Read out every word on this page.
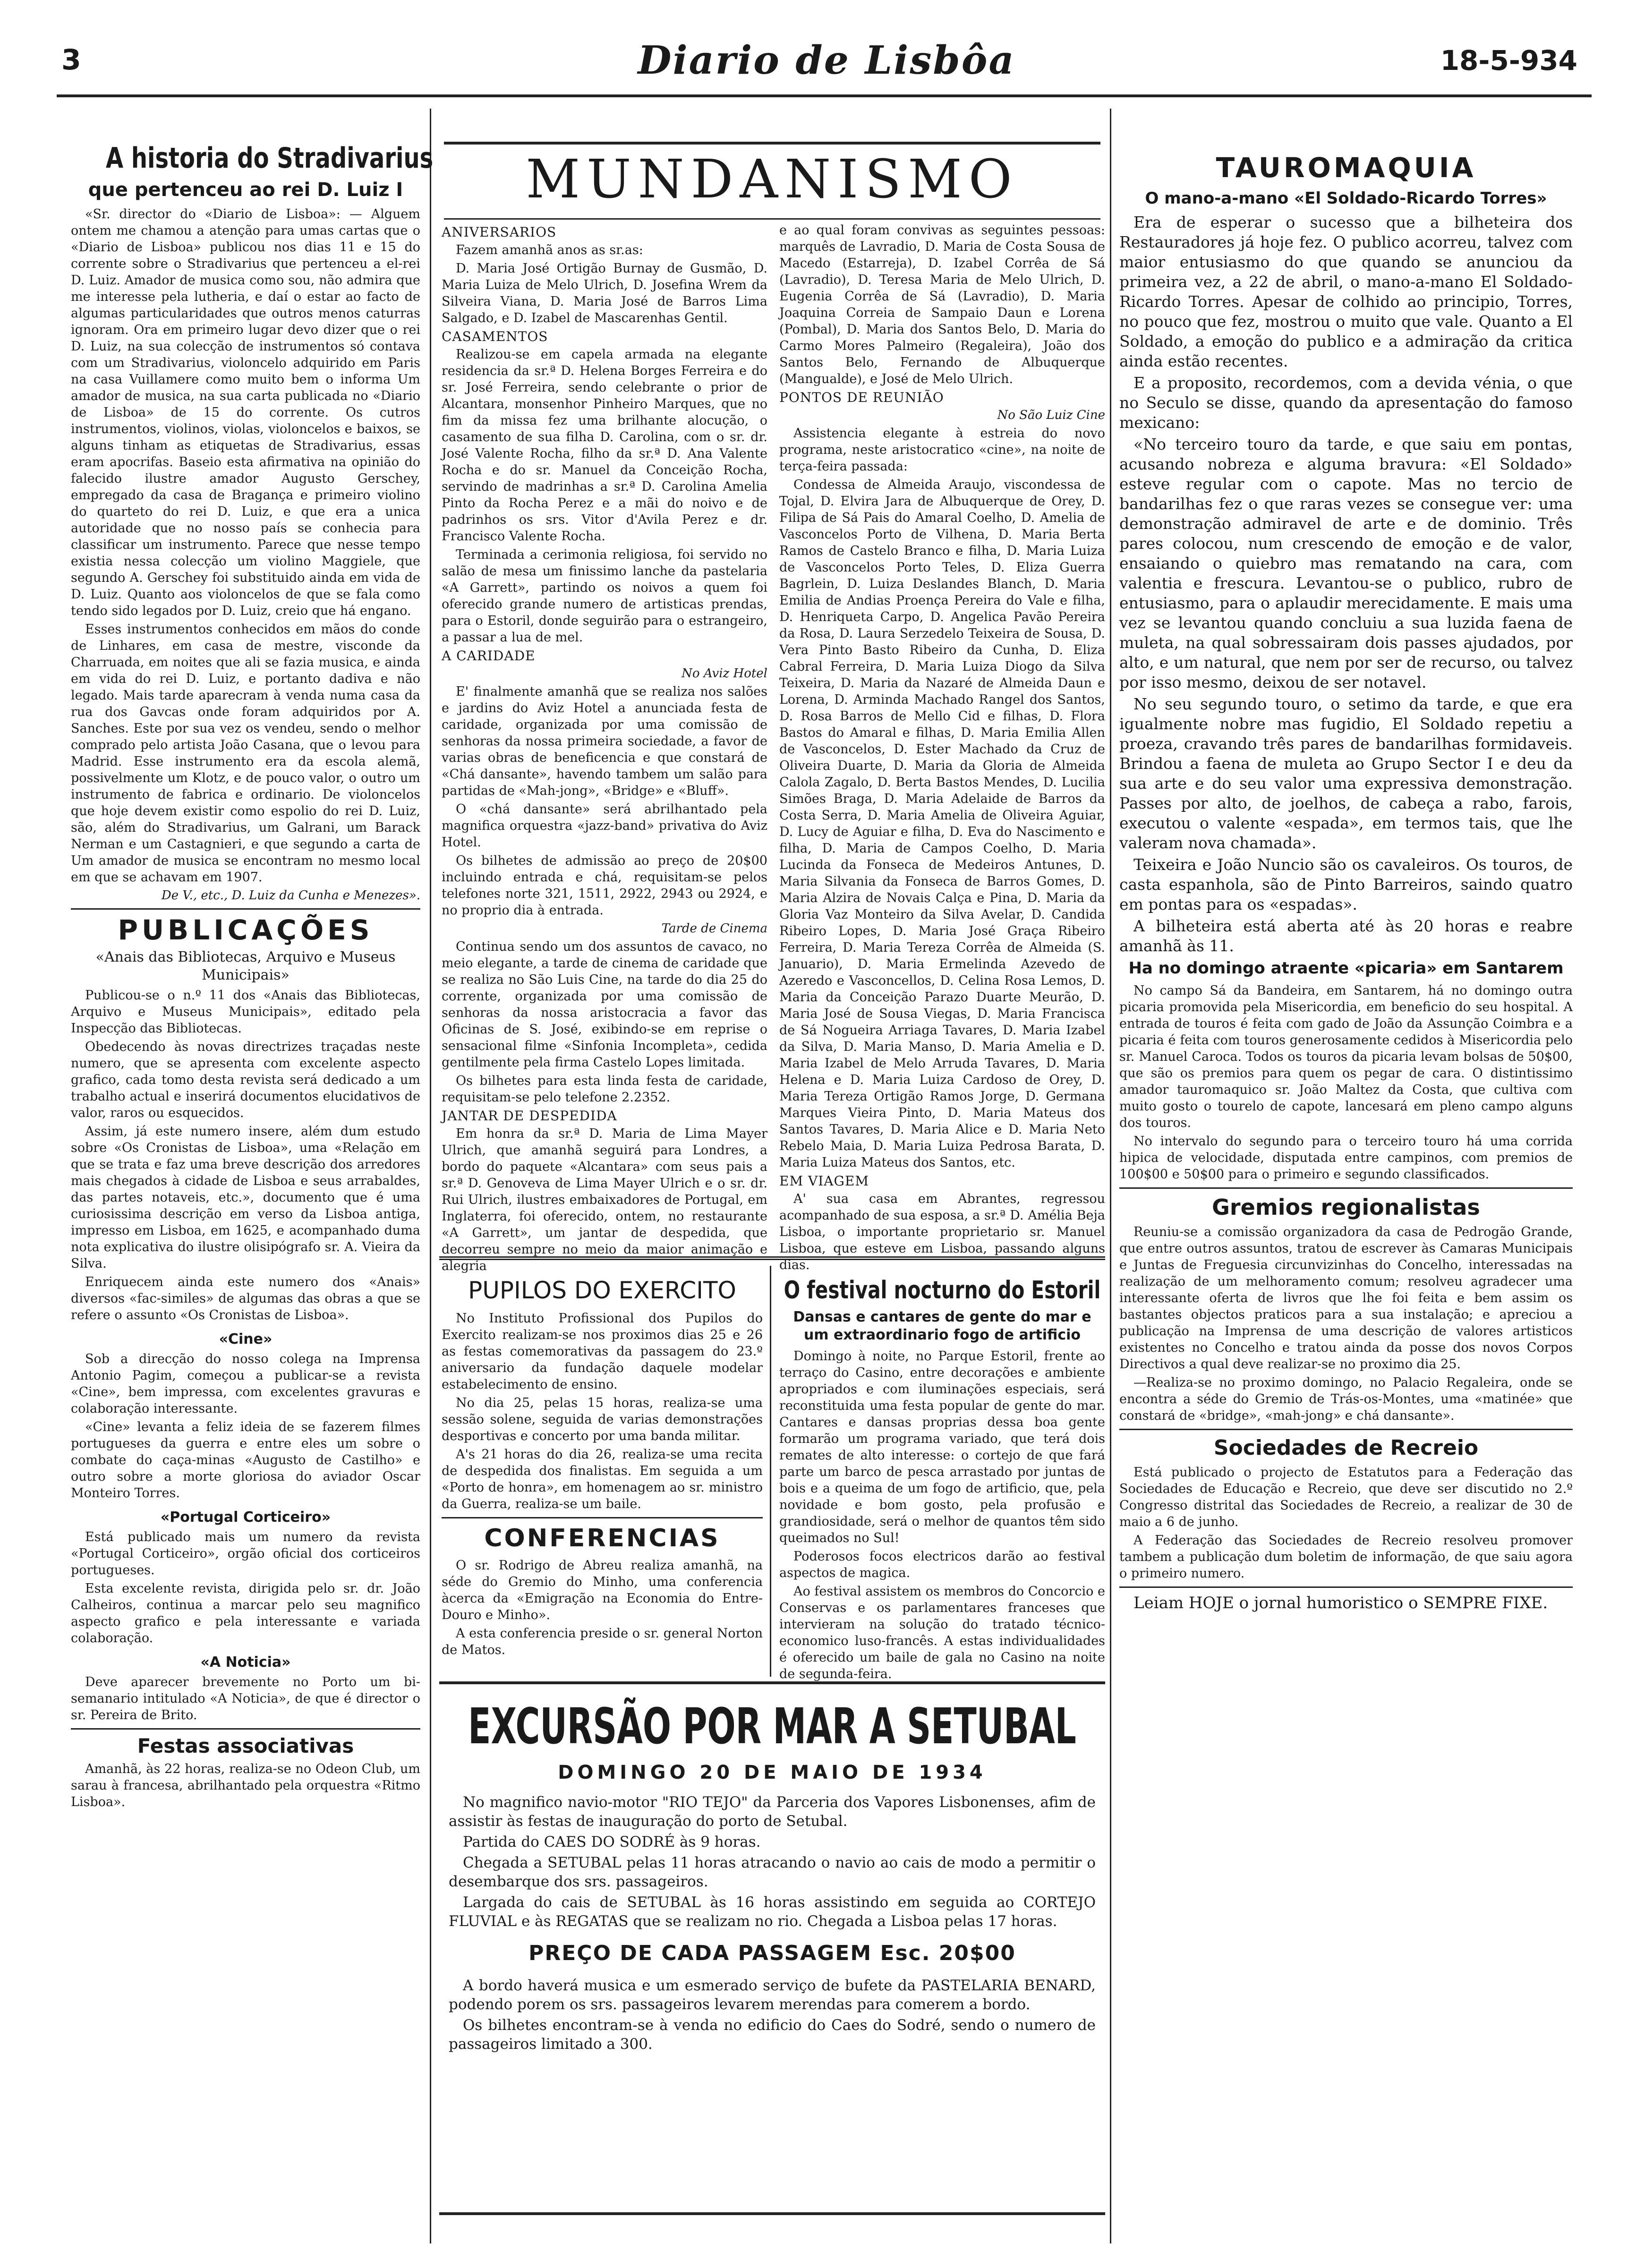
3	Diario de Lisbôa	18-5-934
A historia do Stradivarius
que pertenceu ao rei D. Luiz I

«Sr. director do «Diario de Lisboa»: — Alguem ontem me chamou a atenção para umas cartas que o «Diario de Lisboa» publicou nos dias 11 e 15 do corrente sobre o Stradivarius que pertenceu a el-rei D. Luiz. Amador de musica como sou, não admira que me interesse pela lutheria, e daí o estar ao facto de algumas particularidades que outros menos caturras ignoram. Ora em primeiro lugar devo dizer que o rei D. Luiz, na sua colecção de instrumentos só contava com um Stradivarius, violoncelo adquirido em Paris na casa Vuillamere como muito bem o informa Um amador de musica, na sua carta publicada no «Diario de Lisboa» de 15 do corrente. Os cutros instrumentos, violinos, violas, violoncelos e baixos, se alguns tinham as etiquetas de Stradivarius, essas eram apocrifas. Baseio esta afirmativa na opinião do falecido ilustre amador Augusto Gerschey, empregado da casa de Bragança e primeiro violino do quarteto do rei D. Luiz, e que era a unica autoridade que no nosso país se conhecia para classificar um instrumento. Parece que nesse tempo existia nessa colecção um violino Maggiele, que segundo A. Gerschey foi substituido ainda em vida de D. Luiz. Quanto aos violoncelos de que se fala como tendo sido legados por D. Luiz, creio que há engano.

Esses instrumentos conhecidos em mãos do conde de Linhares, em casa de mestre, visconde da Charruada, em noites que ali se fazia musica, e ainda em vida do rei D. Luiz, e portanto dadiva e não legado. Mais tarde aparecram à venda numa casa da rua dos Gavcas onde foram adquiridos por A. Sanches. Este por sua vez os vendeu, sendo o melhor comprado pelo artista João Casana, que o levou para Madrid. Esse instrumento era da escola alemã, possivelmente um Klotz, e de pouco valor, o outro um instrumento de fabrica e ordinario. De violoncelos que hoje devem existir como espolio do rei D. Luiz, são, além do Stradivarius, um Galrani, um Barack Nerman e um Castagnieri, e que segundo a carta de Um amador de musica se encontram no mesmo local em que se achavam em 1907.

De V., etc., D. Luiz da Cunha e Menezes».

PUBLICAÇÕES
«Anais das Bibliotecas, Arquivo e Museus Municipais»

Publicou-se o n.º 11 dos «Anais das Bibliotecas, Arquivo e Museus Municipais», editado pela Inspecção das Bibliotecas.

Obedecendo às novas directrizes traçadas neste numero, que se apresenta com excelente aspecto grafico, cada tomo desta revista será dedicado a um trabalho actual e inserirá documentos elucidativos de valor, raros ou esquecidos.

Assim, já este numero insere, além dum estudo sobre «Os Cronistas de Lisboa», uma «Relação em que se trata e faz uma breve descrição dos arredores mais chegados à cidade de Lisboa e seus arrabaldes, das partes notaveis, etc.», documento que é uma curiosissima descrição em verso da Lisboa antiga, impresso em Lisboa, em 1625, e acompanhado duma nota explicativa do ilustre olisipógrafo sr. A. Vieira da Silva.

Enriquecem ainda este numero dos «Anais» diversos «fac-similes» de algumas das obras a que se refere o assunto «Os Cronistas de Lisboa».

«Cine»

Sob a direcção do nosso colega na Imprensa Antonio Pagim, começou a publicar-se a revista «Cine», bem impressa, com excelentes gravuras e colaboração interessante.

«Cine» levanta a feliz ideia de se fazerem filmes portugueses da guerra e entre eles um sobre o combate do caça-minas «Augusto de Castilho» e outro sobre a morte gloriosa do aviador Oscar Monteiro Torres.

«Portugal Corticeiro»

Está publicado mais um numero da revista «Portugal Corticeiro», orgão oficial dos corticeiros portugueses.

Esta excelente revista, dirigida pelo sr. dr. João Calheiros, continua a marcar pelo seu magnifico aspecto grafico e pela interessante e variada colaboração.

«A Noticia»

Deve aparecer brevemente no Porto um bi-semanario intitulado «A Noticia», de que é director o sr. Pereira de Brito.

Festas associativas

Amanhã, às 22 horas, realiza-se no Odeon Club, um sarau à francesa, abrilhantado pela orquestra «Ritmo Lisboa».

MUNDANISMO
ANIVERSARIOS

Fazem amanhã anos as sr.as:

D. Maria José Ortigão Burnay de Gusmão, D. Maria Luiza de Melo Ulrich, D. Josefina Wrem da Silveira Viana, D. Maria José de Barros Lima Salgado, e D. Izabel de Mascarenhas Gentil.

CASAMENTOS

Realizou-se em capela armada na elegante residencia da sr.ª D. Helena Borges Ferreira e do sr. José Ferreira, sendo celebrante o prior de Alcantara, monsenhor Pinheiro Marques, que no fim da missa fez uma brilhante alocução, o casamento de sua filha D. Carolina, com o sr. dr. José Valente Rocha, filho da sr.ª D. Ana Valente Rocha e do sr. Manuel da Conceição Rocha, servindo de madrinhas a sr.ª D. Carolina Amelia Pinto da Rocha Perez e a mãi do noivo e de padrinhos os srs. Vitor d'Avila Perez e dr. Francisco Valente Rocha.

Terminada a cerimonia religiosa, foi servido no salão de mesa um finissimo lanche da pastelaria «A Garrett», partindo os noivos a quem foi oferecido grande numero de artisticas prendas, para o Estoril, donde seguirão para o estrangeiro, a passar a lua de mel.

A CARIDADE

No Aviz Hotel

E' finalmente amanhã que se realiza nos salões e jardins do Aviz Hotel a anunciada festa de caridade, organizada por uma comissão de senhoras da nossa primeira sociedade, a favor de varias obras de beneficencia e que constará de «Chá dansante», havendo tambem um salão para partidas de «Mah-jong», «Bridge» e «Bluff».

O «chá dansante» será abrilhantado pela magnifica orquestra «jazz-band» privativa do Aviz Hotel.

Os bilhetes de admissão ao preço de 20$00 incluindo entrada e chá, requisitam-se pelos telefones norte 321, 1511, 2922, 2943 ou 2924, e no proprio dia à entrada.

Tarde de Cinema

Continua sendo um dos assuntos de cavaco, no meio elegante, a tarde de cinema de caridade que se realiza no São Luis Cine, na tarde do dia 25 do corrente, organizada por uma comissão de senhoras da nossa aristocracia a favor das Oficinas de S. José, exibindo-se em reprise o sensacional filme «Sinfonia Incompleta», cedida gentilmente pela firma Castelo Lopes limitada.

Os bilhetes para esta linda festa de caridade, requisitam-se pelo telefone 2.2352.

JANTAR DE DESPEDIDA

Em honra da sr.ª D. Maria de Lima Mayer Ulrich, que amanhã seguirá para Londres, a bordo do paquete «Alcantara» com seus pais a sr.ª D. Genoveva de Lima Mayer Ulrich e o sr. dr. Rui Ulrich, ilustres embaixadores de Portugal, em Inglaterra, foi oferecido, ontem, no restaurante «A Garrett», um jantar de despedida, que decorreu sempre no meio da maior animação e alegria

e ao qual foram convivas as seguintes pessoas: marquês de Lavradio, D. Maria de Costa Sousa de Macedo (Estarreja), D. Izabel Corrêa de Sá (Lavradio), D. Teresa Maria de Melo Ulrich, D. Eugenia Corrêa de Sá (Lavradio), D. Maria Joaquina Correia de Sampaio Daun e Lorena (Pombal), D. Maria dos Santos Belo, D. Maria do Carmo Mores Palmeiro (Regaleira), João dos Santos Belo, Fernando de Albuquerque (Mangualde), e José de Melo Ulrich.

PONTOS DE REUNIÃO

No São Luiz Cine

Assistencia elegante à estreia do novo programa, neste aristocratico «cine», na noite de terça-feira passada:

Condessa de Almeida Araujo, viscondessa de Tojal, D. Elvira Jara de Albuquerque de Orey, D. Filipa de Sá Pais do Amaral Coelho, D. Amelia de Vasconcelos Porto de Vilhena, D. Maria Berta Ramos de Castelo Branco e filha, D. Maria Luiza de Vasconcelos Porto Teles, D. Eliza Guerra Bagrlein, D. Luiza Deslandes Blanch, D. Maria Emilia de Andias Proença Pereira do Vale e filha, D. Henriqueta Carpo, D. Angelica Pavão Pereira da Rosa, D. Laura Serzedelo Teixeira de Sousa, D. Vera Pinto Basto Ribeiro da Cunha, D. Eliza Cabral Ferreira, D. Maria Luiza Diogo da Silva Teixeira, D. Maria da Nazaré de Almeida Daun e Lorena, D. Arminda Machado Rangel dos Santos, D. Rosa Barros de Mello Cid e filhas, D. Flora Bastos do Amaral e filhas, D. Maria Emilia Allen de Vasconcelos, D. Ester Machado da Cruz de Oliveira Duarte, D. Maria da Gloria de Almeida Calola Zagalo, D. Berta Bastos Mendes, D. Lucilia Simões Braga, D. Maria Adelaide de Barros da Costa Serra, D. Maria Amelia de Oliveira Aguiar, D. Lucy de Aguiar e filha, D. Eva do Nascimento e filha, D. Maria de Campos Coelho, D. Maria Lucinda da Fonseca de Medeiros Antunes, D. Maria Silvania da Fonseca de Barros Gomes, D. Maria Alzira de Novais Calça e Pina, D. Maria da Gloria Vaz Monteiro da Silva Avelar, D. Candida Ribeiro Lopes, D. Maria José Graça Ribeiro Ferreira, D. Maria Tereza Corrêa de Almeida (S. Januario), D. Maria Ermelinda Azevedo de Azeredo e Vasconcellos, D. Celina Rosa Lemos, D. Maria da Conceição Parazo Duarte Meurão, D. Maria José de Sousa Viegas, D. Maria Francisca de Sá Nogueira Arriaga Tavares, D. Maria Izabel da Silva, D. Maria Manso, D. Maria Amelia e D. Maria Izabel de Melo Arruda Tavares, D. Maria Helena e D. Maria Luiza Cardoso de Orey, D. Maria Tereza Ortigão Ramos Jorge, D. Germana Marques Vieira Pinto, D. Maria Mateus dos Santos Tavares, D. Maria Alice e D. Maria Neto Rebelo Maia, D. Maria Luiza Pedrosa Barata, D. Maria Luiza Mateus dos Santos, etc.

EM VIAGEM

A' sua casa em Abrantes, regressou acompanhado de sua esposa, a sr.ª D. Amélia Beja Lisboa, o importante proprietario sr. Manuel Lisboa, que esteve em Lisboa, passando alguns dias.

PUPILOS DO EXERCITO

No Instituto Profissional dos Pupilos do Exercito realizam-se nos proximos dias 25 e 26 as festas comemorativas da passagem do 23.º aniversario da fundação daquele modelar estabelecimento de ensino.

No dia 25, pelas 15 horas, realiza-se uma sessão solene, seguida de varias demonstrações desportivas e concerto por uma banda militar.

A's 21 horas do dia 26, realiza-se uma recita de despedida dos finalistas. Em seguida a um «Porto de honra», em homenagem ao sr. ministro da Guerra, realiza-se um baile.

CONFERENCIAS

O sr. Rodrigo de Abreu realiza amanhã, na séde do Gremio do Minho, uma conferencia àcerca da «Emigração na Economia do Entre-Douro e Minho».

A esta conferencia preside o sr. general Norton de Matos.

O festival nocturno do Estoril
Dansas e cantares de gente do mar e um extraordinario fogo de artificio

Domingo à noite, no Parque Estoril, frente ao terraço do Casino, entre decorações e ambiente apropriados e com iluminações especiais, será reconstituida uma festa popular de gente do mar. Cantares e dansas proprias dessa boa gente formarão um programa variado, que terá dois remates de alto interesse: o cortejo de que fará parte um barco de pesca arrastado por juntas de bois e a queima de um fogo de artificio, que, pela novidade e bom gosto, pela profusão e grandiosidade, será o melhor de quantos têm sido queimados no Sul!

Poderosos focos electricos darão ao festival aspectos de magica.

Ao festival assistem os membros do Concorcio e Conservas e os parlamentares franceses que intervieram na solução do tratado técnico-economico luso-francês. A estas individualidades é oferecido um baile de gala no Casino na noite de segunda-feira.

EXCURSÃO POR MAR A SETUBAL
DOMINGO 20 DE MAIO DE 1934

No magnifico navio-motor "RIO TEJO" da Parceria dos Vapores Lisbonenses, afim de assistir às festas de inauguração do porto de Setubal.

Partida do CAES DO SODRÉ às 9 horas.

Chegada a SETUBAL pelas 11 horas atracando o navio ao cais de modo a permitir o desembarque dos srs. passageiros.

Largada do cais de SETUBAL às 16 horas assistindo em seguida ao CORTEJO FLUVIAL e às REGATAS que se realizam no rio. Chegada a Lisboa pelas 17 horas.

PREÇO DE CADA PASSAGEM Esc. 20$00

A bordo haverá musica e um esmerado serviço de bufete da PASTELARIA BENARD, podendo porem os srs. passageiros levarem merendas para comerem a bordo.

Os bilhetes encontram-se à venda no edificio do Caes do Sodré, sendo o numero de passageiros limitado a 300.

TAUROMAQUIA
O mano-a-mano «El Soldado-Ricardo Torres»

Era de esperar o sucesso que a bilheteira dos Restauradores já hoje fez. O publico acorreu, talvez com maior entusiasmo do que quando se anunciou da primeira vez, a 22 de abril, o mano-a-mano El Soldado-Ricardo Torres. Apesar de colhido ao principio, Torres, no pouco que fez, mostrou o muito que vale. Quanto a El Soldado, a emoção do publico e a admiração da critica ainda estão recentes.

E a proposito, recordemos, com a devida vénia, o que no Seculo se disse, quando da apresentação do famoso mexicano:

«No terceiro touro da tarde, e que saiu em pontas, acusando nobreza e alguma bravura: «El Soldado» esteve regular com o capote. Mas no tercio de bandarilhas fez o que raras vezes se consegue ver: uma demonstração admiravel de arte e de dominio. Três pares colocou, num crescendo de emoção e de valor, ensaiando o quiebro mas rematando na cara, com valentia e frescura. Levantou-se o publico, rubro de entusiasmo, para o aplaudir merecidamente. E mais uma vez se levantou quando concluiu a sua luzida faena de muleta, na qual sobressairam dois passes ajudados, por alto, e um natural, que nem por ser de recurso, ou talvez por isso mesmo, deixou de ser notavel.

No seu segundo touro, o setimo da tarde, e que era igualmente nobre mas fugidio, El Soldado repetiu a proeza, cravando três pares de bandarilhas formidaveis. Brindou a faena de muleta ao Grupo Sector I e deu da sua arte e do seu valor uma expressiva demonstração. Passes por alto, de joelhos, de cabeça a rabo, farois, executou o valente «espada», em termos tais, que lhe valeram nova chamada».

Teixeira e João Nuncio são os cavaleiros. Os touros, de casta espanhola, são de Pinto Barreiros, saindo quatro em pontas para os «espadas».

A bilheteira está aberta até às 20 horas e reabre amanhã às 11.

Ha no domingo atraente «picaria» em Santarem

No campo Sá da Bandeira, em Santarem, há no domingo outra picaria promovida pela Misericordia, em beneficio do seu hospital. A entrada de touros é feita com gado de João da Assunção Coimbra e a picaria é feita com touros generosamente cedidos à Misericordia pelo sr. Manuel Caroca. Todos os touros da picaria levam bolsas de 50$00, que são os premios para quem os pegar de cara. O distintissimo amador tauromaquico sr. João Maltez da Costa, que cultiva com muito gosto o tourelo de capote, lancesará em pleno campo alguns dos touros.

No intervalo do segundo para o terceiro touro há uma corrida hipica de velocidade, disputada entre campinos, com premios de 100$00 e 50$00 para o primeiro e segundo classificados.

Gremios regionalistas

Reuniu-se a comissão organizadora da casa de Pedrogão Grande, que entre outros assuntos, tratou de escrever às Camaras Municipais e Juntas de Freguesia circunvizinhas do Concelho, interessadas na realização de um melhoramento comum; resolveu agradecer uma interessante oferta de livros que lhe foi feita e bem assim os bastantes objectos praticos para a sua instalação; e apreciou a publicação na Imprensa de uma descrição de valores artisticos existentes no Concelho e tratou ainda da posse dos novos Corpos Directivos a qual deve realizar-se no proximo dia 25.

—Realiza-se no proximo domingo, no Palacio Regaleira, onde se encontra a séde do Gremio de Trás-os-Montes, uma «matinée» que constará de «bridge», «mah-jong» e chá dansante».

Sociedades de Recreio

Está publicado o projecto de Estatutos para a Federação das Sociedades de Educação e Recreio, que deve ser discutido no 2.º Congresso distrital das Sociedades de Recreio, a realizar de 30 de maio a 6 de junho.

A Federação das Sociedades de Recreio resolveu promover tambem a publicação dum boletim de informação, de que saiu agora o primeiro numero.

Leiam HOJE o jornal humoristico o SEMPRE FIXE.
